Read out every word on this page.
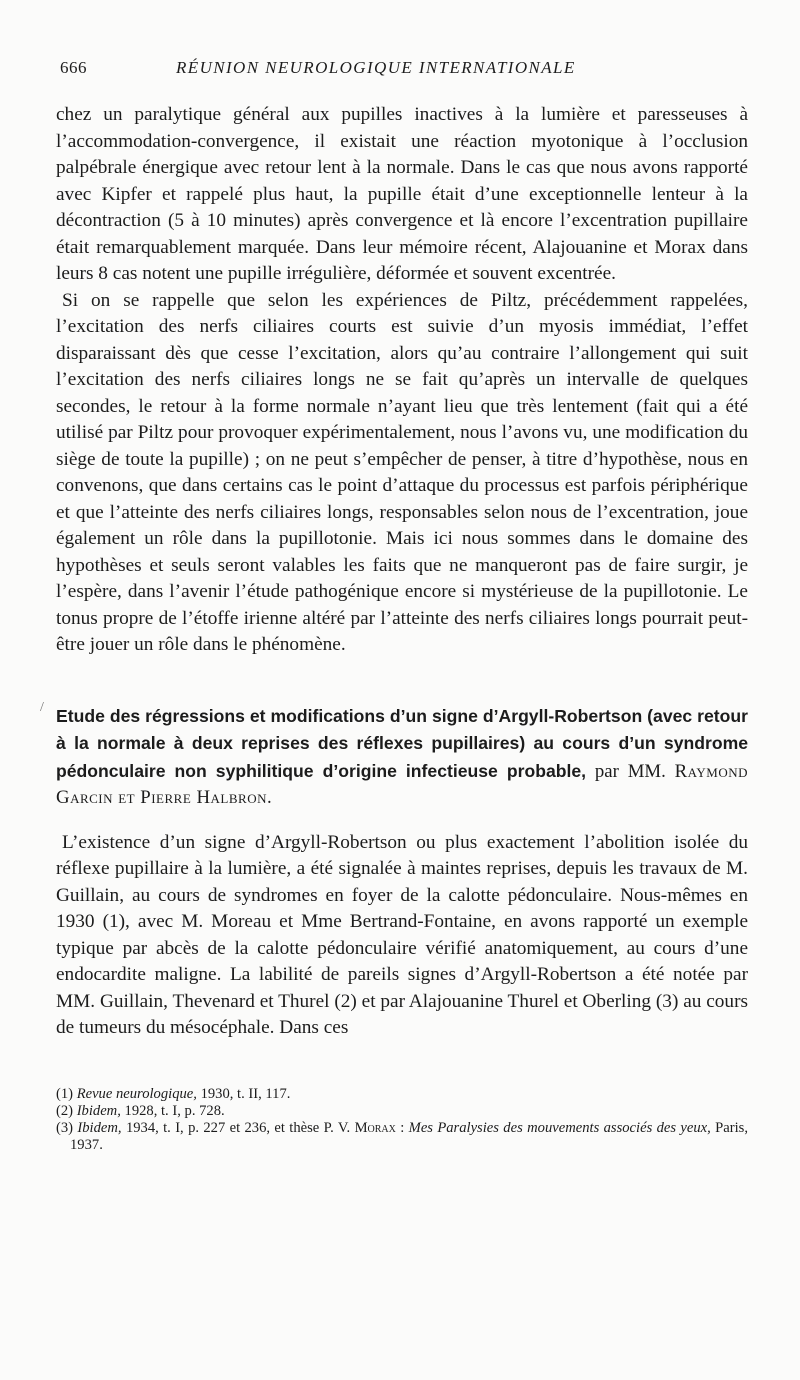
666	RÉUNION NEUROLOGIQUE INTERNATIONALE

chez un paralytique général aux pupilles inactives à la lumière et paresseuses à l’accommodation-convergence, il existait une réaction myotonique à l’occlusion palpébrale énergique avec retour lent à la normale. Dans le cas que nous avons rapporté avec Kipfer et rappelé plus haut, la pupille était d’une exceptionnelle lenteur à la décontraction (5 à 10 minutes) après convergence et là encore l’excentration pupillaire était remarquablement marquée. Dans leur mémoire récent, Alajouanine et Morax dans leurs 8 cas notent une pupille irrégulière, déformée et souvent excentrée.

Si on se rappelle que selon les expériences de Piltz, précédemment rappelées, l’excitation des nerfs ciliaires courts est suivie d’un myosis immédiat, l’effet disparaissant dès que cesse l’excitation, alors qu’au contraire l’allongement qui suit l’excitation des nerfs ciliaires longs ne se fait qu’après un intervalle de quelques secondes, le retour à la forme normale n’ayant lieu que très lentement (fait qui a été utilisé par Piltz pour provoquer expérimentalement, nous l’avons vu, une modification du siège de toute la pupille) ; on ne peut s’empêcher de penser, à titre d’hypothèse, nous en convenons, que dans certains cas le point d’attaque du processus est parfois périphérique et que l’atteinte des nerfs ciliaires longs, responsables selon nous de l’excentration, joue également un rôle dans la pupillotonie. Mais ici nous sommes dans le domaine des hypothèses et seuls seront valables les faits que ne manqueront pas de faire surgir, je l’espère, dans l’avenir l’étude pathogénique encore si mystérieuse de la pupillotonie. Le tonus propre de l’étoffe irienne altéré par l’atteinte des nerfs ciliaires longs pourrait peut-être jouer un rôle dans le phénomène.

Etude des régressions et modifications d’un signe d’Argyll-Robertson (avec retour à la normale à deux reprises des réflexes pupillaires) au cours d’un syndrome pédonculaire non syphilitique d’origine infectieuse probable, par MM. Raymond Garcin et Pierre Halbron.

L’existence d’un signe d’Argyll-Robertson ou plus exactement l’abolition isolée du réflexe pupillaire à la lumière, a été signalée à maintes reprises, depuis les travaux de M. Guillain, au cours de syndromes en foyer de la calotte pédonculaire. Nous-mêmes en 1930 (1), avec M. Moreau et Mme Bertrand-Fontaine, en avons rapporté un exemple typique par abcès de la calotte pédonculaire vérifié anatomiquement, au cours d’une endocardite maligne. La labilité de pareils signes d’Argyll-Robertson a été notée par MM. Guillain, Thevenard et Thurel (2) et par Alajouanine Thurel et Oberling (3) au cours de tumeurs du mésocéphale. Dans ces

(1) Revue neurologique, 1930, t. II, 117.

(2) Ibidem, 1928, t. I, p. 728.

(3) Ibidem, 1934, t. I, p. 227 et 236, et thèse P. V. Morax : Mes Paralysies des mouvements associés des yeux, Paris, 1937.

/
